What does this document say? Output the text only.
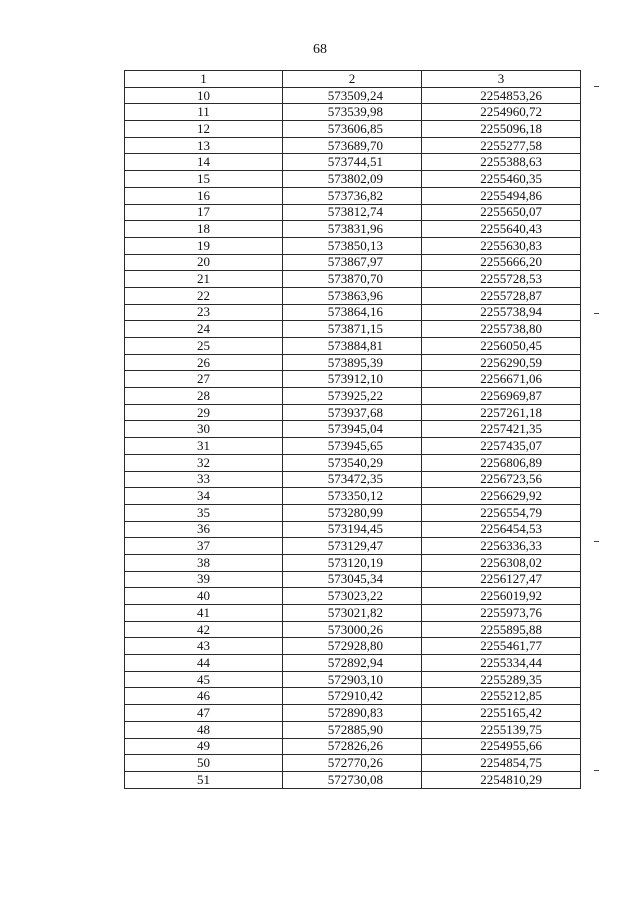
68
1	2	3
10	573509,24	2254853,26
11	573539,98	2254960,72
12	573606,85	2255096,18
13	573689,70	2255277,58
14	573744,51	2255388,63
15	573802,09	2255460,35
16	573736,82	2255494,86
17	573812,74	2255650,07
18	573831,96	2255640,43
19	573850,13	2255630,83
20	573867,97	2255666,20
21	573870,70	2255728,53
22	573863,96	2255728,87
23	573864,16	2255738,94
24	573871,15	2255738,80
25	573884,81	2256050,45
26	573895,39	2256290,59
27	573912,10	2256671,06
28	573925,22	2256969,87
29	573937,68	2257261,18
30	573945,04	2257421,35
31	573945,65	2257435,07
32	573540,29	2256806,89
33	573472,35	2256723,56
34	573350,12	2256629,92
35	573280,99	2256554,79
36	573194,45	2256454,53
37	573129,47	2256336,33
38	573120,19	2256308,02
39	573045,34	2256127,47
40	573023,22	2256019,92
41	573021,82	2255973,76
42	573000,26	2255895,88
43	572928,80	2255461,77
44	572892,94	2255334,44
45	572903,10	2255289,35
46	572910,42	2255212,85
47	572890,83	2255165,42
48	572885,90	2255139,75
49	572826,26	2254955,66
50	572770,26	2254854,75
51	572730,08	2254810,29
